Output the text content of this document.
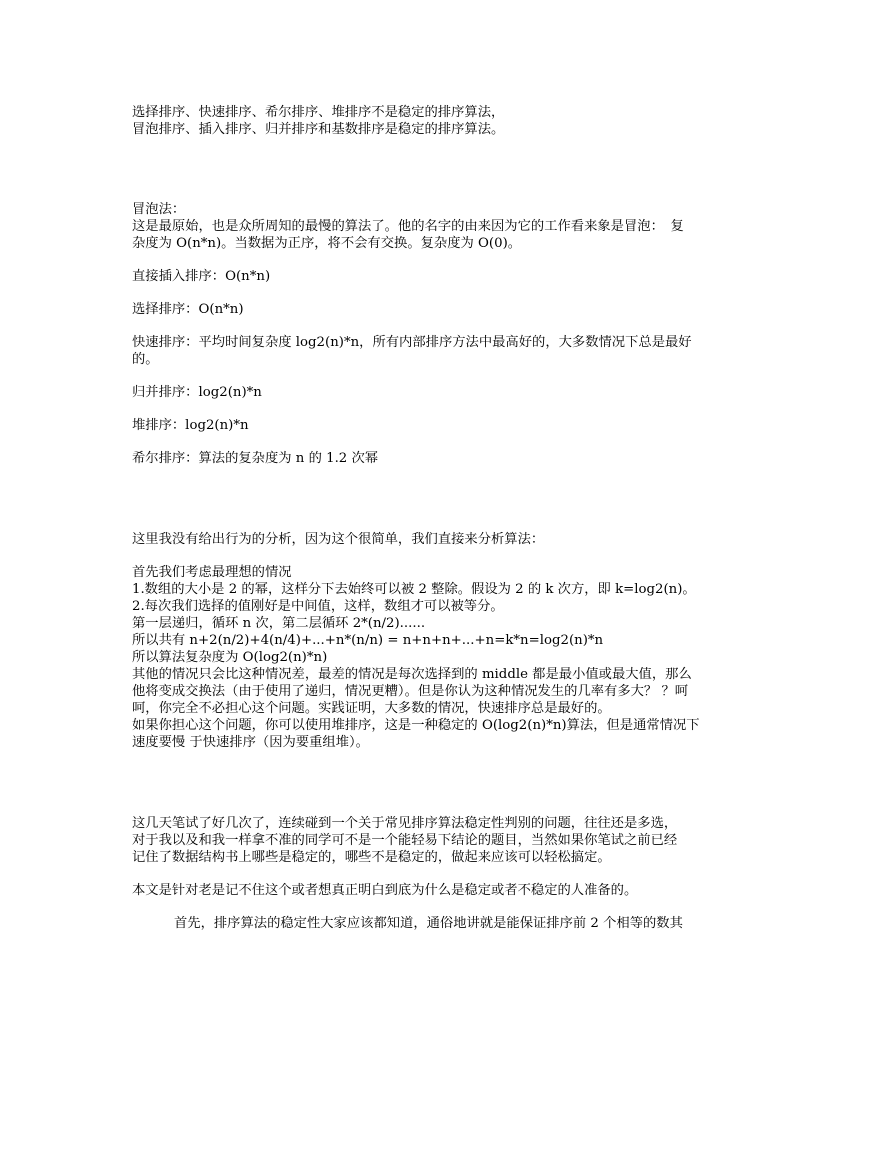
选择排序、快速排序、希尔排序、堆排序不是稳定的排序算法，
冒泡排序、插入排序、归并排序和基数排序是稳定的排序算法。
冒泡法：
这是最原始，也是众所周知的最慢的算法了。他的名字的由来因为它的工作看来象是冒泡：　复
杂度为 O(n*n)。当数据为正序，将不会有交换。复杂度为 O(0)。
直接插入排序：O(n*n)
选择排序：O(n*n)
快速排序：平均时间复杂度 log2(n)*n，所有内部排序方法中最高好的，大多数情况下总是最好
的。
归并排序：log2(n)*n
堆排序：log2(n)*n
希尔排序：算法的复杂度为 n 的 1.2 次幂
这里我没有给出行为的分析，因为这个很简单，我们直接来分析算法：
首先我们考虑最理想的情况
1.数组的大小是 2 的幂，这样分下去始终可以被 2 整除。假设为 2 的 k 次方，即 k=log2(n)。
2.每次我们选择的值刚好是中间值，这样，数组才可以被等分。
第一层递归，循环 n 次，第二层循环 2*(n/2)......
所以共有 n+2(n/2)+4(n/4)+...+n*(n/n) = n+n+n+...+n=k*n=log2(n)*n
所以算法复杂度为 O(log2(n)*n)
其他的情况只会比这种情况差，最差的情况是每次选择到的 middle 都是最小值或最大值，那么
他将变成交换法（由于使用了递归，情况更糟）。但是你认为这种情况发生的几率有多大？ ？呵
呵，你完全不必担心这个问题。实践证明，大多数的情况，快速排序总是最好的。
如果你担心这个问题，你可以使用堆排序，这是一种稳定的 O(log2(n)*n)算法，但是通常情况下
速度要慢 于快速排序（因为要重组堆）。
这几天笔试了好几次了，连续碰到一个关于常见排序算法稳定性判别的问题，往往还是多选，
对于我以及和我一样拿不准的同学可不是一个能轻易下结论的题目，当然如果你笔试之前已经
记住了数据结构书上哪些是稳定的，哪些不是稳定的，做起来应该可以轻松搞定。
本文是针对老是记不住这个或者想真正明白到底为什么是稳定或者不稳定的人准备的。
首先，排序算法的稳定性大家应该都知道，通俗地讲就是能保证排序前 2 个相等的数其
